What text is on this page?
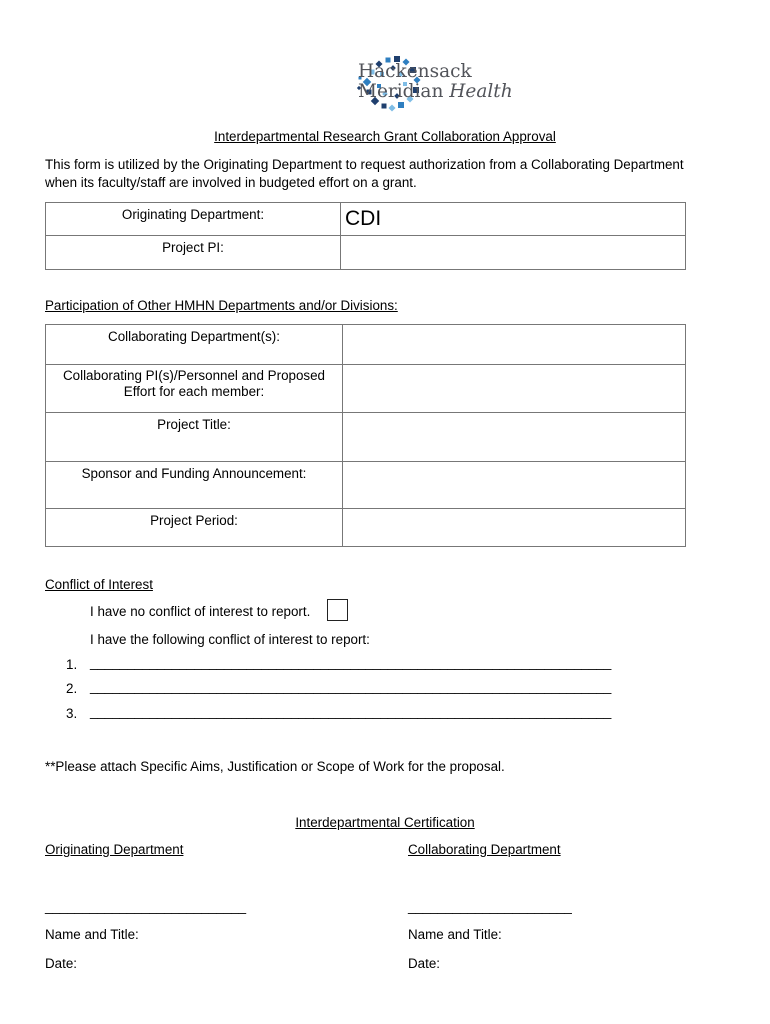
Hackensack
Meridian Health
Interdepartmental Research Grant Collaboration Approval
This form is utilized by the Originating Department to request authorization from a Collaborating Department
when its faculty/staff are involved in budgeted effort on a grant.
Originating Department:	CDI
Project PI:	
Participation of Other HMHN Departments and/or Divisions:
Collaborating Department(s):	

Collaborating PI(s)/Personnel and Proposed
Effort for each member:	

Project Title:	
Sponsor and Funding Announcement:	
Project Period:	
Conflict of Interest
I have no conflict of interest to report.
I have the following conflict of interest to report:
1. ______________________________________________________________________
2. ______________________________________________________________________
3. ______________________________________________________________________
**Please attach Specific Aims, Justification or Scope of Work for the proposal.
Interdepartmental Certification
Originating Department	Collaborating Department
___________________________	______________________
Name and Title:	Name and Title:
Date:	Date:
